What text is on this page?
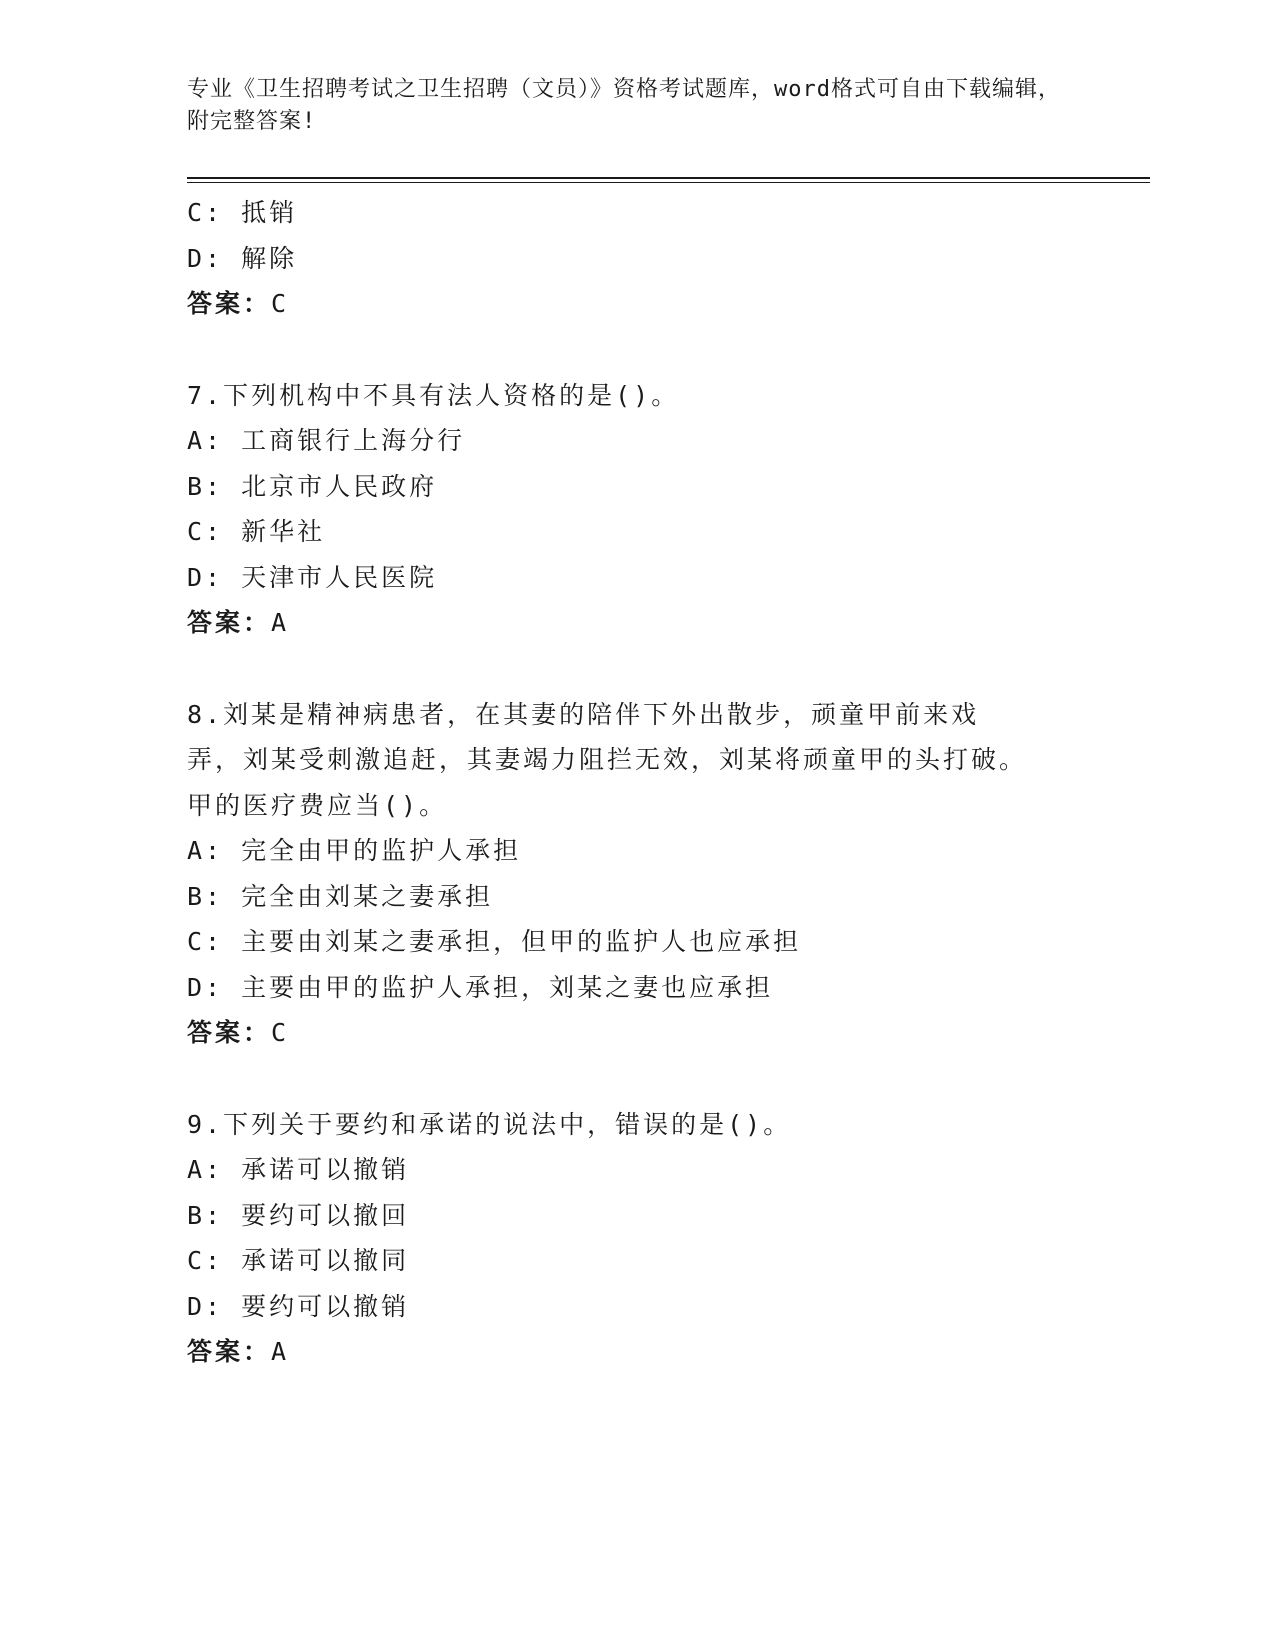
专业《卫生招聘考试之卫生招聘（文员）》资格考试题库，word格式可自由下载编辑，附完整答案!
C: 抵销
D: 解除
答案：C
7.下列机构中不具有法人资格的是()。
A: 工商银行上海分行
B: 北京市人民政府
C: 新华社
D: 天津市人民医院
答案：A
8.刘某是精神病患者，在其妻的陪伴下外出散步，顽童甲前来戏弄，刘某受刺激追赶，其妻竭力阻拦无效，刘某将顽童甲的头打破。甲的医疗费应当()。
A: 完全由甲的监护人承担
B: 完全由刘某之妻承担
C: 主要由刘某之妻承担，但甲的监护人也应承担
D: 主要由甲的监护人承担，刘某之妻也应承担
答案：C
9.下列关于要约和承诺的说法中，错误的是()。
A: 承诺可以撤销
B: 要约可以撤回
C: 承诺可以撤同
D: 要约可以撤销
答案：A
